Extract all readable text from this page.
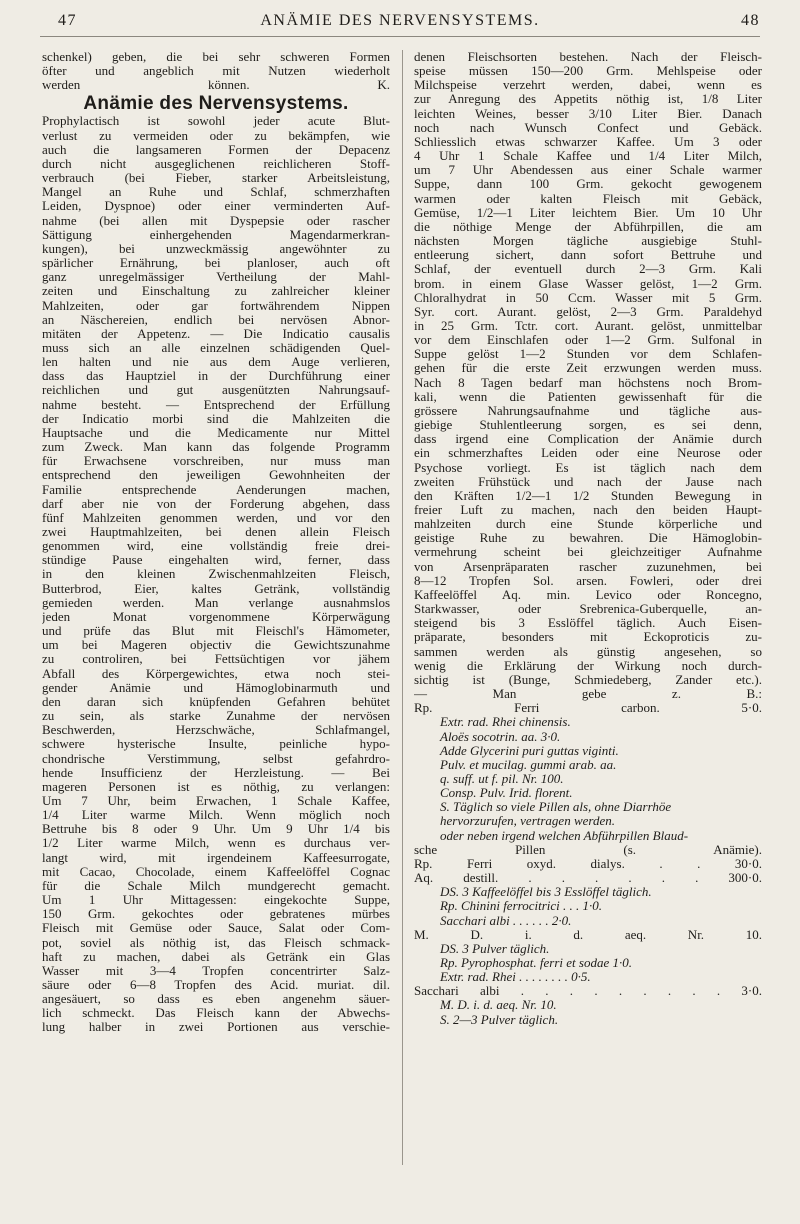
47	ANÄMIE DES NERVENSYSTEMS.	48
schenkel) geben, die bei sehr schweren Formen
öfter und angeblich mit Nutzen wiederholt
werden können. K.
Anämie des Nervensystems.
Prophylactisch ist sowohl jeder acute Blut-
verlust zu vermeiden oder zu bekämpfen, wie
auch die langsameren Formen der Depacenz
durch nicht ausgeglichenen reichlicheren Stoff-
verbrauch (bei Fieber, starker Arbeitsleistung,
Mangel an Ruhe und Schlaf, schmerzhaften
Leiden, Dyspnoe) oder einer verminderten Auf-
nahme (bei allen mit Dyspepsie oder rascher
Sättigung einhergehenden Magendarmerkran-
kungen), bei unzweckmässig angewöhnter zu
spärlicher Ernährung, bei planloser, auch oft
ganz unregelmässiger Vertheilung der Mahl-
zeiten und Einschaltung zu zahlreicher kleiner
Mahlzeiten, oder gar fortwährendem Nippen
an Näschereien, endlich bei nervösen Abnor-
mitäten der Appetenz. — Die Indicatio causalis
muss sich an alle einzelnen schädigenden Quel-
len halten und nie aus dem Auge verlieren,
dass das Hauptziel in der Durchführung einer
reichlichen und gut ausgenützten Nahrungsauf-
nahme besteht. — Entsprechend der Erfüllung
der Indicatio morbi sind die Mahlzeiten die
Hauptsache und die Medicamente nur Mittel
zum Zweck. Man kann das folgende Programm
für Erwachsene vorschreiben, nur muss man
entsprechend den jeweiligen Gewohnheiten der
Familie entsprechende Aenderungen machen,
darf aber nie von der Forderung abgehen, dass
fünf Mahlzeiten genommen werden, und vor den
zwei Hauptmahlzeiten, bei denen allein Fleisch
genommen wird, eine vollständig freie drei-
stündige Pause eingehalten wird, ferner, dass
in den kleinen Zwischenmahlzeiten Fleisch,
Butterbrod, Eier, kaltes Getränk, vollständig
gemieden werden. Man verlange ausnahmslos
jeden Monat vorgenommene Körperwägung
und prüfe das Blut mit Fleischl's Hämometer,
um bei Mageren objectiv die Gewichtszunahme
zu controliren, bei Fettsüchtigen vor jähem
Abfall des Körpergewichtes, etwa noch stei-
gender Anämie und Hämoglobinarmuth und
den daran sich knüpfenden Gefahren behütet
zu sein, als starke Zunahme der nervösen
Beschwerden, Herzschwäche, Schlafmangel,
schwere hysterische Insulte, peinliche hypo-
chondrische Verstimmung, selbst gefahrdro-
hende Insufficienz der Herzleistung. — Bei
mageren Personen ist es nöthig, zu verlangen:
Um 7 Uhr, beim Erwachen, 1 Schale Kaffee,
1/4 Liter warme Milch. Wenn möglich noch
Bettruhe bis 8 oder 9 Uhr. Um 9 Uhr 1/4 bis
1/2 Liter warme Milch, wenn es durchaus ver-
langt wird, mit irgendeinem Kaffeesurrogate,
mit Cacao, Chocolade, einem Kaffeelöffel Cognac
für die Schale Milch mundgerecht gemacht.
Um 1 Uhr Mittagessen: eingekochte Suppe,
150 Grm. gekochtes oder gebratenes mürbes
Fleisch mit Gemüse oder Sauce, Salat oder Com-
pot, soviel als nöthig ist, das Fleisch schmack-
haft zu machen, dabei als Getränk ein Glas
Wasser mit 3—4 Tropfen concentrirter Salz-
säure oder 6—8 Tropfen des Acid. muriat. dil.
angesäuert, so dass es eben angenehm säuer-
lich schmeckt. Das Fleisch kann der Abwechs-
lung halber in zwei Portionen aus verschie-
denen Fleischsorten bestehen. Nach der Fleisch-
speise müssen 150—200 Grm. Mehlspeise oder
Milchspeise verzehrt werden, dabei, wenn es
zur Anregung des Appetits nöthig ist, 1/8 Liter
leichten Weines, besser 3/10 Liter Bier. Danach
noch nach Wunsch Confect und Gebäck.
Schliesslich etwas schwarzer Kaffee. Um 3 oder
4 Uhr 1 Schale Kaffee und 1/4 Liter Milch,
um 7 Uhr Abendessen aus einer Schale warmer
Suppe, dann 100 Grm. gekocht gewogenem
warmen oder kalten Fleisch mit Gebäck,
Gemüse, 1/2—1 Liter leichtem Bier. Um 10 Uhr
die nöthige Menge der Abführpillen, die am
nächsten Morgen tägliche ausgiebige Stuhl-
entleerung sichert, dann sofort Bettruhe und
Schlaf, der eventuell durch 2—3 Grm. Kali
brom. in einem Glase Wasser gelöst, 1—2 Grm.
Chloralhydrat in 50 Ccm. Wasser mit 5 Grm.
Syr. cort. Aurant. gelöst, 2—3 Grm. Paraldehyd
in 25 Grm. Tctr. cort. Aurant. gelöst, unmittelbar
vor dem Einschlafen oder 1—2 Grm. Sulfonal in
Suppe gelöst 1—2 Stunden vor dem Schlafen-
gehen für die erste Zeit erzwungen werden muss.
Nach 8 Tagen bedarf man höchstens noch Brom-
kali, wenn die Patienten gewissenhaft für die
grössere Nahrungsaufnahme und tägliche aus-
giebige Stuhlentleerung sorgen, es sei denn,
dass irgend eine Complication der Anämie durch
ein schmerzhaftes Leiden oder eine Neurose oder
Psychose vorliegt. Es ist täglich nach dem
zweiten Frühstück und nach der Jause nach
den Kräften 1/2—1 1/2 Stunden Bewegung in
freier Luft zu machen, nach den beiden Haupt-
mahlzeiten durch eine Stunde körperliche und
geistige Ruhe zu bewahren. Die Hämoglobin-
vermehrung scheint bei gleichzeitiger Aufnahme
von Arsenpräparaten rascher zuzunehmen, bei
8—12 Tropfen Sol. arsen. Fowleri, oder drei
Kaffeelöffel Aq. min. Levico oder Roncegno,
Starkwasser, oder Srebrenica-Guberquelle, an-
steigend bis 3 Esslöffel täglich. Auch Eisen-
präparate, besonders mit Eckoproticis zu-
sammen werden als günstig angesehen, so
wenig die Erklärung der Wirkung noch durch-
sichtig ist (Bunge, Schmiedeberg, Zander etc.).
— Man gebe z. B.:
Rp. Ferri carbon. 5·0.
Extr. rad. Rhei chinensis.
Aloës socotrin. aa. 3·0.
Adde Glycerini puri guttas viginti.
Pulv. et mucilag. gummi arab. aa.
q. suff. ut f. pil. Nr. 100.
Consp. Pulv. Irid. florent.
S. Täglich so viele Pillen als, ohne Diarrhöe
hervorzurufen, vertragen werden.
oder neben irgend welchen Abführpillen Blaud-
sche Pillen (s. Anämie).
Rp. Ferri oxyd. dialys. . . 30·0.
Aq. destill. . . . . . . 300·0.
DS. 3 Kaffeelöffel bis 3 Esslöffel täglich.
Rp. Chinini ferrocitrici . . . 1·0.
Sacchari albi . . . . . . 2·0.
M. D. i. d. aeq. Nr. 10.
DS. 3 Pulver täglich.
Rp. Pyrophosphat. ferri et sodae 1·0.
Extr. rad. Rhei . . . . . . . . 0·5.
Sacchari albi . . . . . . . . . 3·0.
M. D. i. d. aeq. Nr. 10.
S. 2—3 Pulver täglich.
